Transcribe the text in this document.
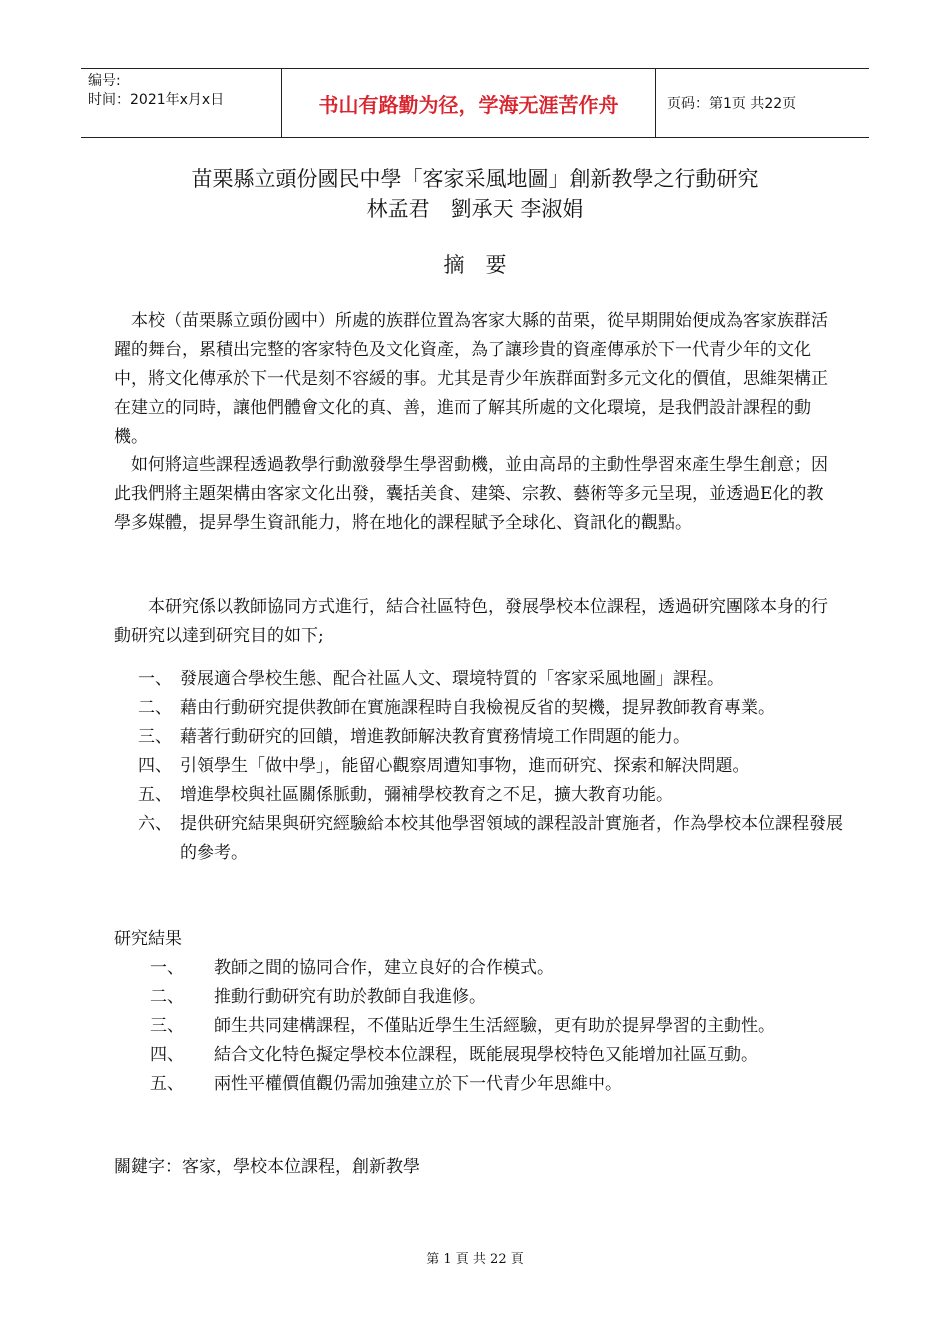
编号:
时间：2021年x月x日	书山有路勤为径，学海无涯苦作舟	页码：第1页 共22页
苗栗縣立頭份國民中學「客家采風地圖」創新教學之行動研究
林孟君　劉承天 李淑娟
摘　要

　本校（苗栗縣立頭份國中）所處的族群位置為客家大縣的苗栗，從早期開始便成為客家族群活躍的舞台，累積出完整的客家特色及文化資產，為了讓珍貴的資產傳承於下一代青少年的文化中，將文化傳承於下一代是刻不容緩的事。尤其是青少年族群面對多元文化的價值，思維架構正在建立的同時，讓他們體會文化的真、善，進而了解其所處的文化環境，是我們設計課程的動機。

　如何將這些課程透過教學行動激發學生學習動機，並由高昂的主動性學習來產生學生創意；因此我們將主題架構由客家文化出發，囊括美食、建築、宗教、藝術等多元呈現，並透過E化的教學多媒體，提昇學生資訊能力，將在地化的課程賦予全球化、資訊化的觀點。

　　本研究係以教師協同方式進行，結合社區特色，發展學校本位課程，透過研究團隊本身的行動研究以達到研究目的如下;

一、 發展適合學校生態、配合社區人文、環境特質的「客家采風地圖」課程。
二、 藉由行動研究提供教師在實施課程時自我檢視反省的契機，提昇教師教育專業。
三、 藉著行動研究的回饋，增進教師解決教育實務情境工作問題的能力。
四、 引領學生「做中學」，能留心觀察周遭知事物，進而研究、探索和解決問題。
五、 增進學校與社區關係脈動，彌補學校教育之不足，擴大教育功能。
六、 提供研究結果與研究經驗給本校其他學習領域的課程設計實施者，作為學校本位課程發展的參考。

研究結果

一、	教師之間的協同合作，建立良好的合作模式。
二、	推動行動研究有助於教師自我進修。
三、	師生共同建構課程，不僅貼近學生生活經驗，更有助於提昇學習的主動性。
四、	結合文化特色擬定學校本位課程，既能展現學校特色又能增加社區互動。
五、	兩性平權價值觀仍需加強建立於下一代青少年思維中。

關鍵字：客家，學校本位課程，創新教學

第 1 頁 共 22 頁
